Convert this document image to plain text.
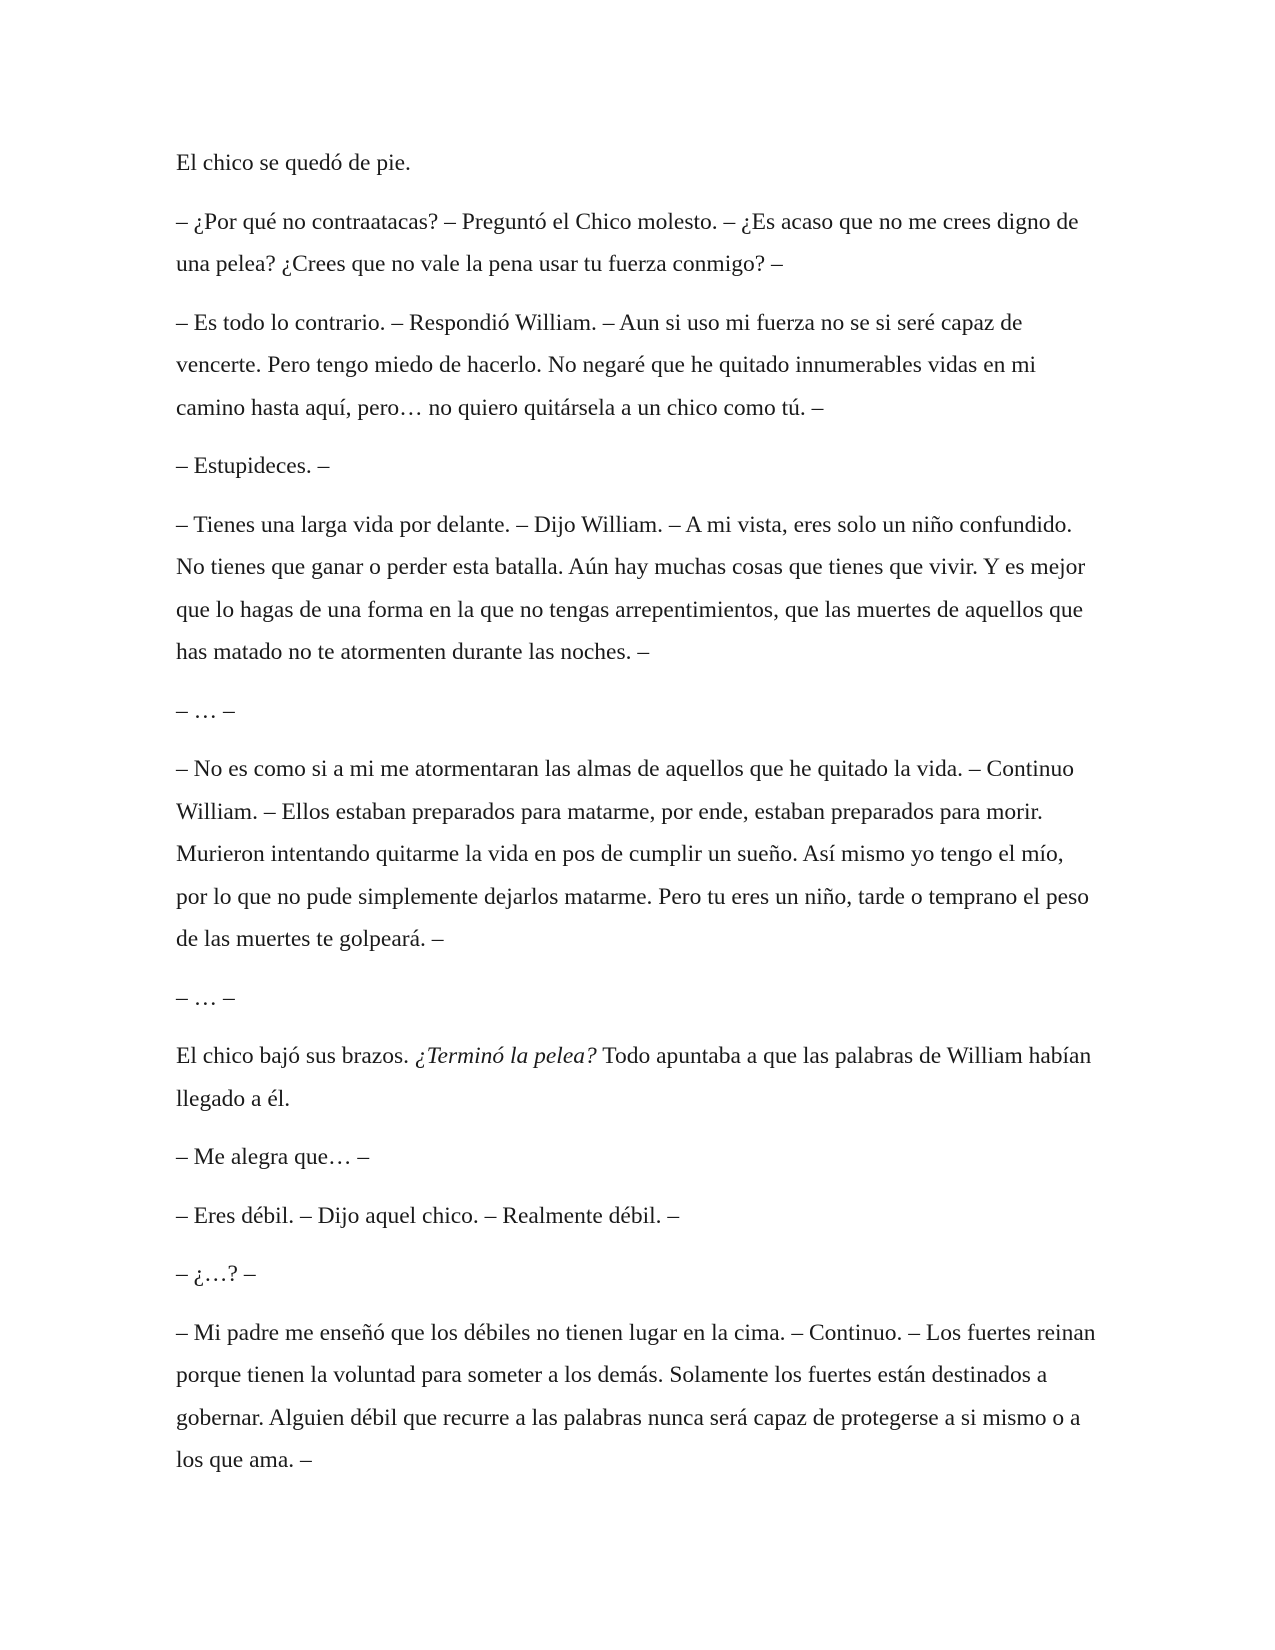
El chico se quedó de pie.

– ¿Por qué no contraatacas? – Preguntó el Chico molesto. – ¿Es acaso que no me crees digno de una pelea? ¿Crees que no vale la pena usar tu fuerza conmigo? –

– Es todo lo contrario. – Respondió William. – Aun si uso mi fuerza no se si seré capaz de vencerte. Pero tengo miedo de hacerlo. No negaré que he quitado innumerables vidas en mi camino hasta aquí, pero… no quiero quitársela a un chico como tú. –

– Estupideces. –

– Tienes una larga vida por delante. – Dijo William. – A mi vista, eres solo un niño confundido. No tienes que ganar o perder esta batalla. Aún hay muchas cosas que tienes que vivir. Y es mejor que lo hagas de una forma en la que no tengas arrepentimientos, que las muertes de aquellos que has matado no te atormenten durante las noches. –

– … –

– No es como si a mi me atormentaran las almas de aquellos que he quitado la vida. – Continuo William. – Ellos estaban preparados para matarme, por ende, estaban preparados para morir. Murieron intentando quitarme la vida en pos de cumplir un sueño. Así mismo yo tengo el mío, por lo que no pude simplemente dejarlos matarme. Pero tu eres un niño, tarde o temprano el peso de las muertes te golpeará. –

– … –

El chico bajó sus brazos. ¿Terminó la pelea? Todo apuntaba a que las palabras de William habían llegado a él.

– Me alegra que… –

– Eres débil. – Dijo aquel chico. – Realmente débil. –

– ¿…? –

– Mi padre me enseñó que los débiles no tienen lugar en la cima. – Continuo. – Los fuertes reinan porque tienen la voluntad para someter a los demás. Solamente los fuertes están destinados a gobernar. Alguien débil que recurre a las palabras nunca será capaz de protegerse a si mismo o a los que ama. –
